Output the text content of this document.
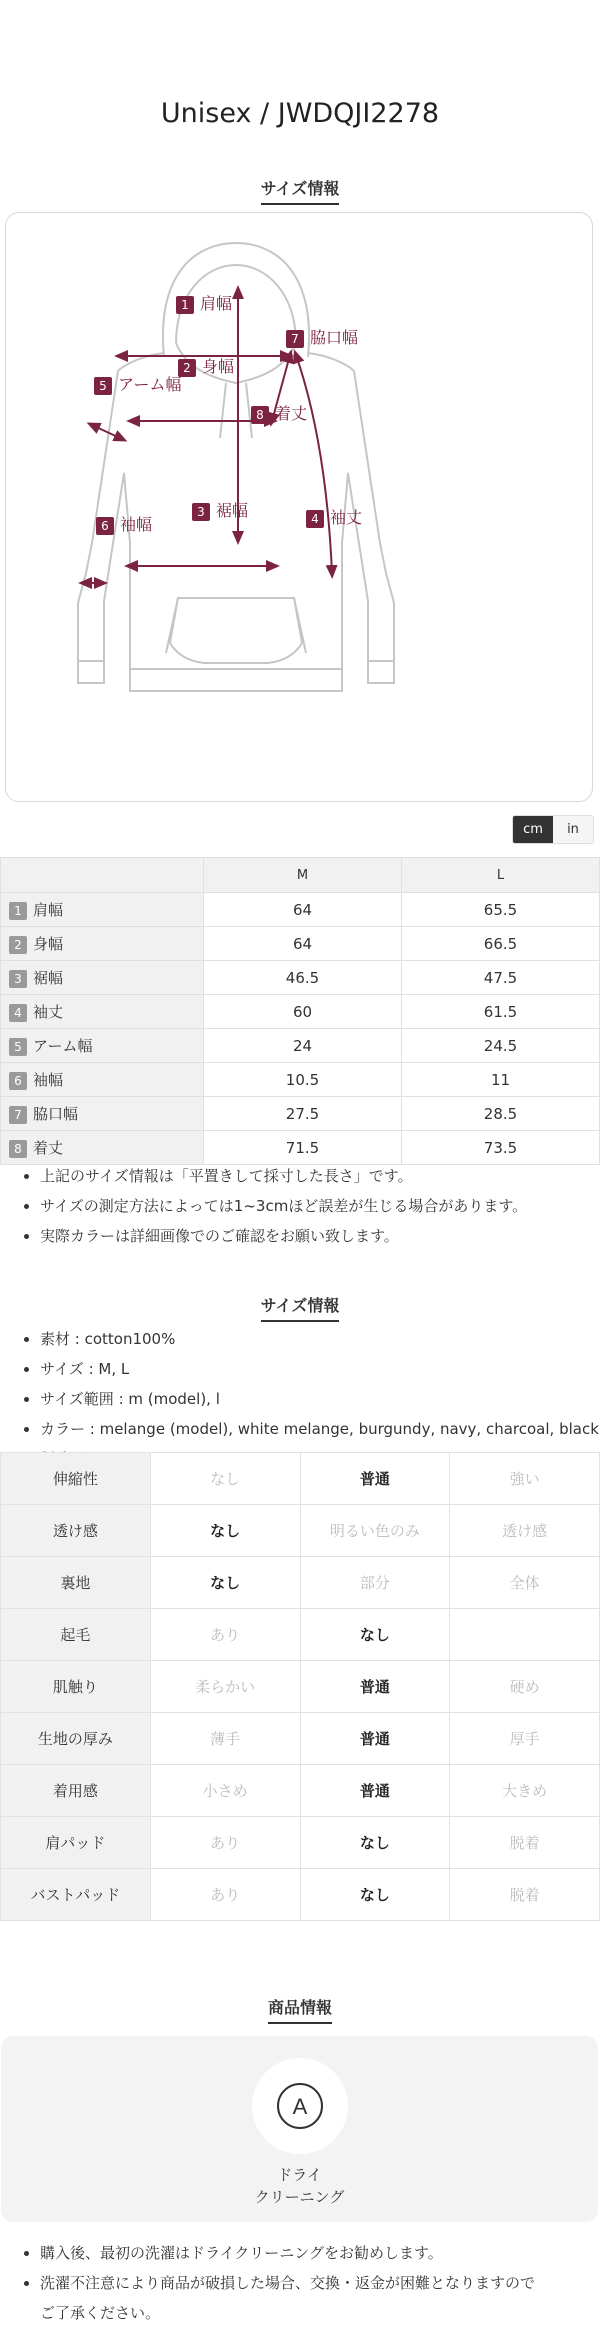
Unisex / JWDQJI2278
サイズ情報
1 肩幅
2 身幅
3 裾幅	4 袖丈
5 アーム幅
6 袖幅
7 脇口幅
8 着丈
cm	in
	M	L
1 肩幅	64	65.5
2 身幅	64	66.5
3 裾幅	46.5	47.5
4 袖丈	60	61.5
5 アーム幅	24	24.5
6 袖幅	10.5	11
7 脇口幅	27.5	28.5
8 着丈	71.5	73.5
• 上記のサイズ情報は「平置きして採寸した長さ」です。
• サイズの測定方法によっては1~3cmほど誤差が生じる場合があります。
• 実際カラーは詳細画像でのご確認をお願い致します。
サイズ情報
• 素材 : cotton100%
• サイズ : M, L
• サイズ範囲 : m (model), l
• カラー : melange (model), white melange, burgundy, navy, charcoal, black
•
伸縮性	なし	普通	強い
透け感	なし	明るい色のみ	透け感
裏地	なし	部分	全体
起毛	あり	なし	
肌触り	柔らかい	普通	硬め
生地の厚み	薄手	普通	厚手
着用感	小さめ	普通	大きめ
肩パッド	あり	なし	脱着
バストパッド	あり	なし	脱着
商品情報
A
ドライ
クリーニング
• 購入後、最初の洗濯はドライクリーニングをお勧めします。
• 洗濯不注意により商品が破損した場合、交換・返金が困難となりますので
ご了承ください。
